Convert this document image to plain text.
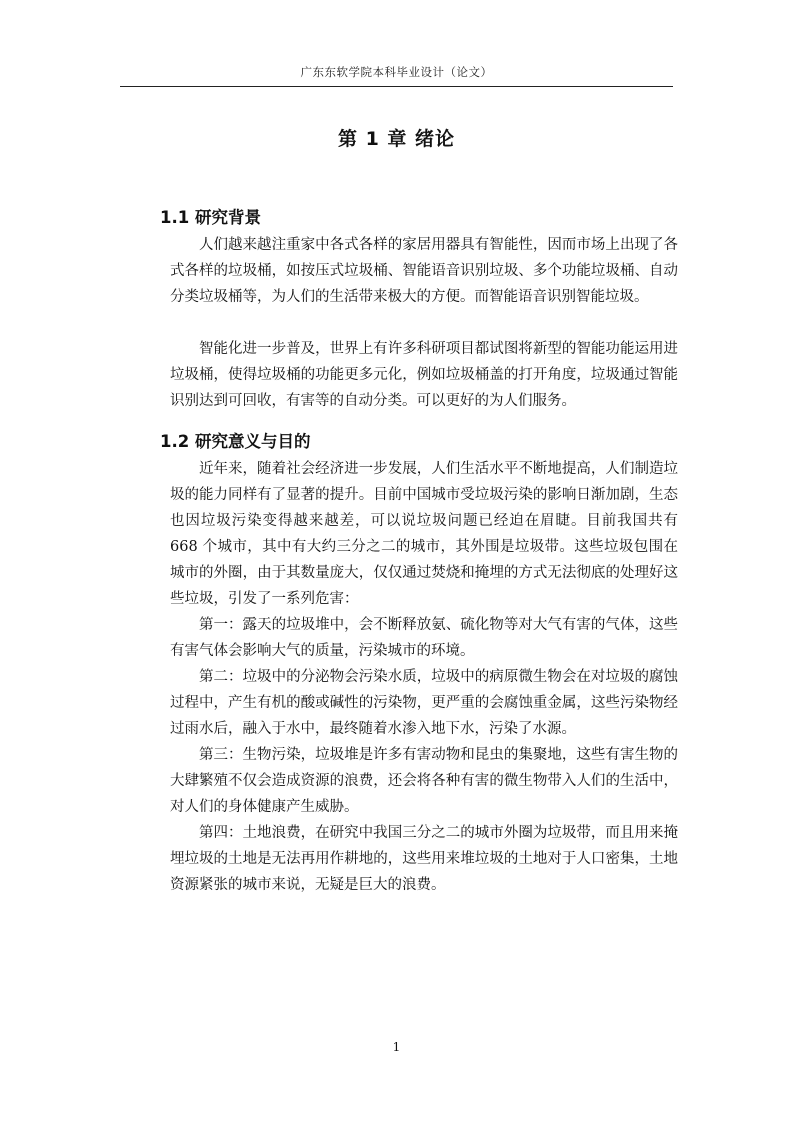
广东东软学院本科毕业设计（论文）
第 1 章 绪论
1.1 研究背景

人们越来越注重家中各式各样的家居用器具有智能性，因而市场上出现了各式各样的垃圾桶，如按压式垃圾桶、智能语音识别垃圾、多个功能垃圾桶、自动分类垃圾桶等，为人们的生活带来极大的方便。而智能语音识别智能垃圾。

智能化进一步普及，世界上有许多科研项目都试图将新型的智能功能运用进垃圾桶，使得垃圾桶的功能更多元化，例如垃圾桶盖的打开角度，垃圾通过智能识别达到可回收，有害等的自动分类。可以更好的为人们服务。

1.2 研究意义与目的

近年来，随着社会经济进一步发展，人们生活水平不断地提高，人们制造垃圾的能力同样有了显著的提升。目前中国城市受垃圾污染的影响日渐加剧，生态也因垃圾污染变得越来越差，可以说垃圾问题已经迫在眉睫。目前我国共有 668 个城市，其中有大约三分之二的城市，其外围是垃圾带。这些垃圾包围在城市的外圈，由于其数量庞大，仅仅通过焚烧和掩埋的方式无法彻底的处理好这些垃圾，引发了一系列危害：

第一：露天的垃圾堆中，会不断释放氨、硫化物等对大气有害的气体，这些有害气体会影响大气的质量，污染城市的环境。

第二：垃圾中的分泌物会污染水质，垃圾中的病原微生物会在对垃圾的腐蚀过程中，产生有机的酸或碱性的污染物，更严重的会腐蚀重金属，这些污染物经过雨水后，融入于水中，最终随着水渗入地下水，污染了水源。

第三：生物污染，垃圾堆是许多有害动物和昆虫的集聚地，这些有害生物的大肆繁殖不仅会造成资源的浪费，还会将各种有害的微生物带入人们的生活中，对人们的身体健康产生威胁。

第四：土地浪费，在研究中我国三分之二的城市外圈为垃圾带，而且用来掩埋垃圾的土地是无法再用作耕地的，这些用来堆垃圾的土地对于人口密集，土地资源紧张的城市来说，无疑是巨大的浪费。

1
